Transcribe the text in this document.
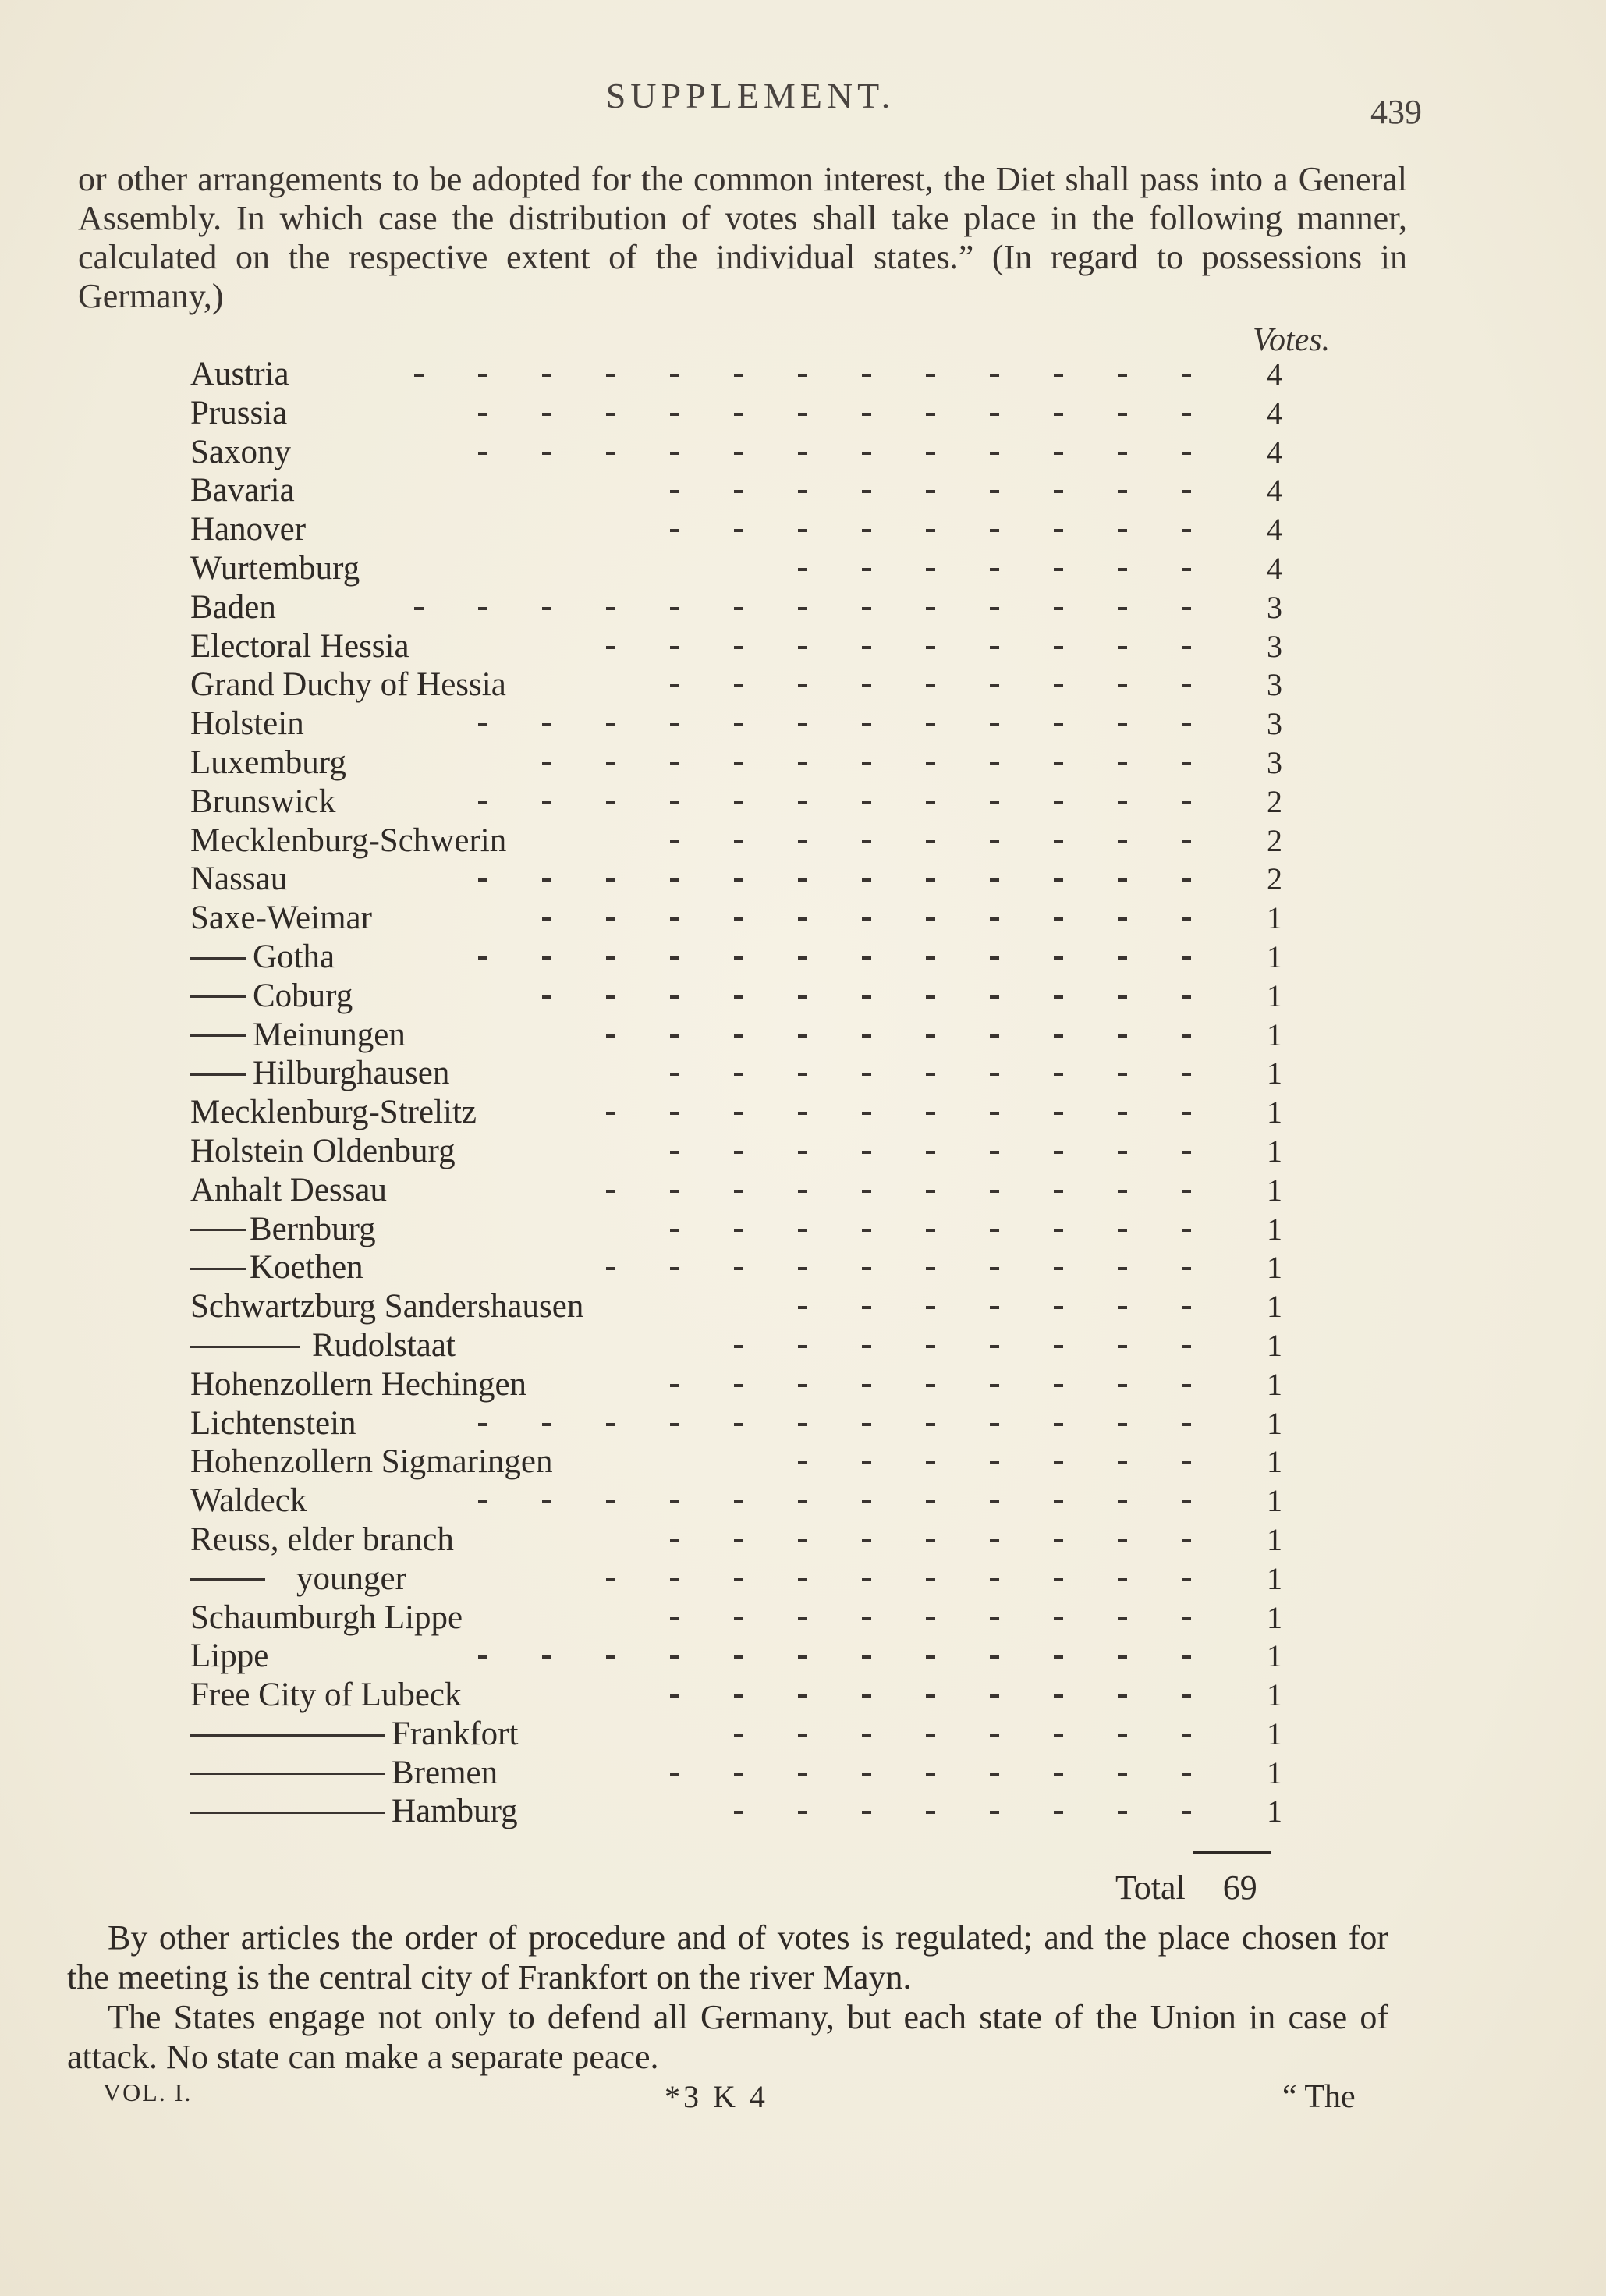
SUPPLEMENT.	439
or other arrangements to be adopted for the common interest, the Diet shall pass into a General Assembly. In which case the distribution of votes shall take place in the following manner, calculated on the respective extent of the individual states.” (In regard to possessions in Germany,)
Votes.
Austria	4
Prussia	4
Saxony	4
Bavaria	4
Hanover	4
Wurtemburg	4
Baden	3
Electoral Hessia	3
Grand Duchy of Hessia	3
Holstein	3
Luxemburg	3
Brunswick	2
Mecklenburg-Schwerin	2
Nassau	2
Saxe-Weimar	1
Gotha	1
Coburg	1
Meinungen	1
Hilburghausen	1
Mecklenburg-Strelitz	1
Holstein Oldenburg	1
Anhalt Dessau	1
Bernburg	1
Koethen	1
Schwartzburg Sandershausen	1
Rudolstaat	1
Hohenzollern Hechingen	1
Lichtenstein	1
Hohenzollern Sigmaringen	1
Waldeck	1
Reuss, elder branch	1
younger	1
Schaumburgh Lippe	1
Lippe	1
Free City of Lubeck	1
Frankfort	1
Bremen	1
Hamburg	1
Total 69

By other articles the order of procedure and of votes is regulated; and the place chosen for the meeting is the central city of Frankfort on the river Mayn.

The States engage not only to defend all Germany, but each state of the Union in case of attack. No state can make a separate peace.

VOL. I.	*3 K 4	“ The
